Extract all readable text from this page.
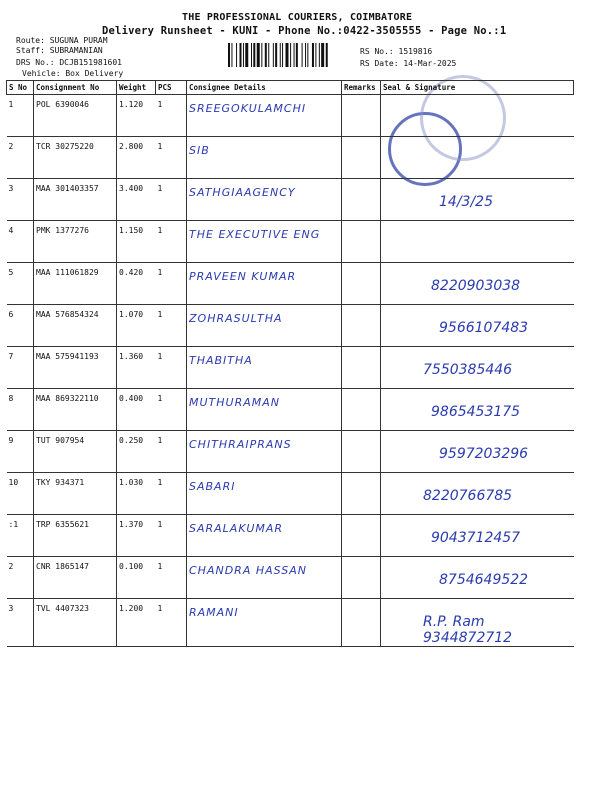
THE PROFESSIONAL COURIERS, COIMBATORE
Delivery Runsheet - KUNI - Phone No.:0422-3505555 - Page No.:1
Route: SUGUNA PURAM
Staff: SUBRAMANIAN
DRS No.: DCJB151981601
Vehicle: Box Delivery
RS No.: 1519816
RS Date: 14-Mar-2025
S No	Consignment No	Weight	PCS	Consignee Details	Remarks	Seal & Signature
1	POL 6390046	1.120	1	SREEGOKULAMCHI		
2	TCR 30275220	2.800	1	SIB		
3	MAA 301403357	3.400	1	SATHGIAAGENCY		14/3/25
4	PMK 1377276	1.150	1	THE EXECUTIVE ENG		
5	MAA 111061829	0.420	1	PRAVEEN KUMAR		8220903038
6	MAA 576854324	1.070	1	ZOHRASULTHA		9566107483
7	MAA 575941193	1.360	1	THABITHA		7550385446
8	MAA 869322110	0.400	1	MUTHURAMAN		9865453175
9	TUT 907954	0.250	1	CHITHRAIPRANS		9597203296
10	TKY 934371	1.030	1	SABARI		8220766785
:1	TRP 6355621	1.370	1	SARALAKUMAR		9043712457
2	CNR 1865147	0.100	1	CHANDRA HASSAN		8754649522
3	TVL 4407323	1.200	1	RAMANI		R.P. Ram 9344872712
